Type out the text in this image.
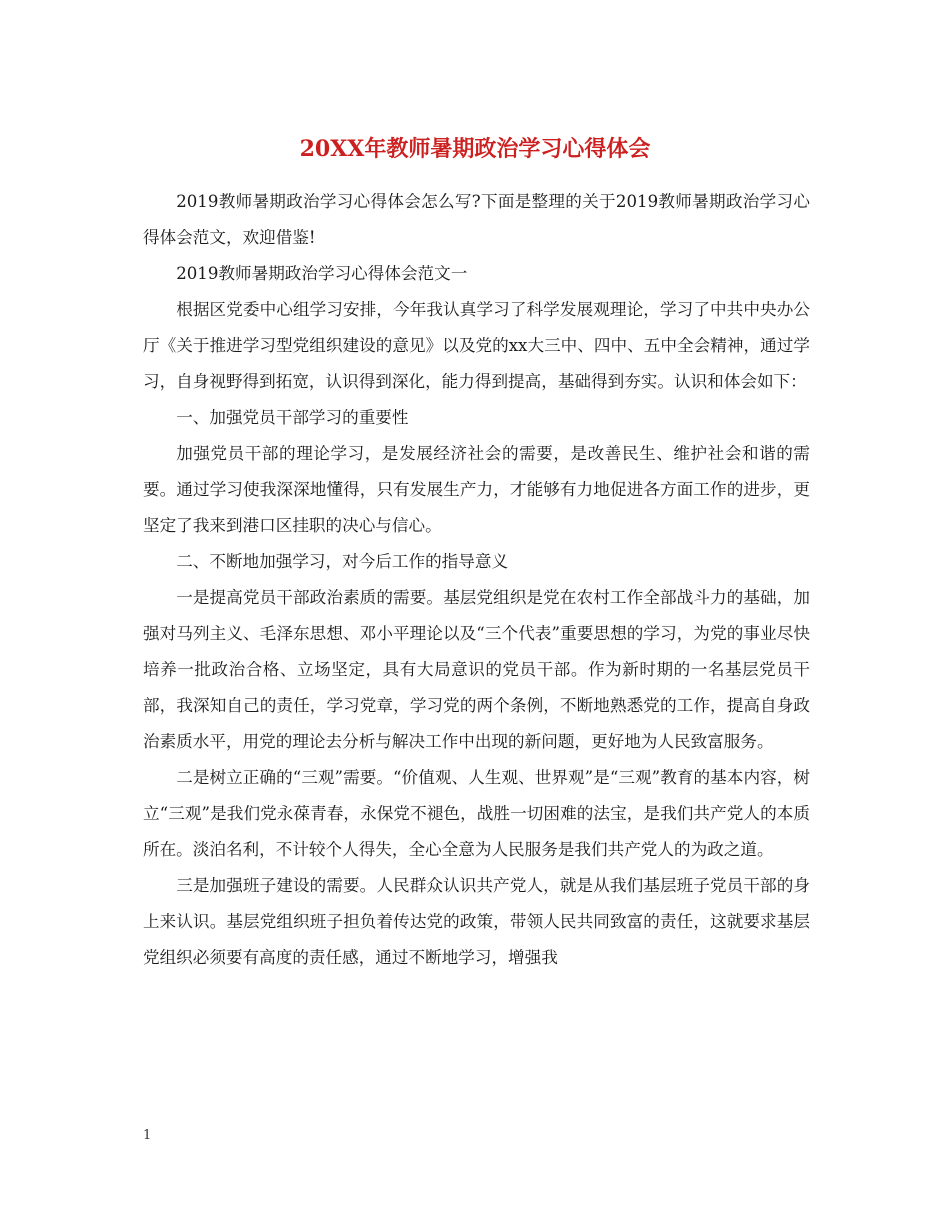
20XX年教师暑期政治学习心得体会

2019教师暑期政治学习心得体会怎么写?下面是整理的关于2019教师暑期政治学习心得体会范文，欢迎借鉴!

2019教师暑期政治学习心得体会范文一

根据区党委中心组学习安排，今年我认真学习了科学发展观理论，学习了中共中央办公厅《关于推进学习型党组织建设的意见》以及党的xx大三中、四中、五中全会精神，通过学习，自身视野得到拓宽，认识得到深化，能力得到提高，基础得到夯实。认识和体会如下：

一、加强党员干部学习的重要性

加强党员干部的理论学习，是发展经济社会的需要，是改善民生、维护社会和谐的需要。通过学习使我深深地懂得，只有发展生产力，才能够有力地促进各方面工作的进步，更坚定了我来到港口区挂职的决心与信心。

二、不断地加强学习，对今后工作的指导意义

一是提高党员干部政治素质的需要。基层党组织是党在农村工作全部战斗力的基础，加强对马列主义、毛泽东思想、邓小平理论以及“三个代表”重要思想的学习，为党的事业尽快培养一批政治合格、立场坚定，具有大局意识的党员干部。作为新时期的一名基层党员干部，我深知自己的责任，学习党章，学习党的两个条例，不断地熟悉党的工作，提高自身政治素质水平，用党的理论去分析与解决工作中出现的新问题，更好地为人民致富服务。

二是树立正确的“三观”需要。“价值观、人生观、世界观”是“三观”教育的基本内容，树立“三观”是我们党永葆青春，永保党不褪色，战胜一切困难的法宝，是我们共产党人的本质所在。淡泊名利，不计较个人得失，全心全意为人民服务是我们共产党人的为政之道。

三是加强班子建设的需要。人民群众认识共产党人，就是从我们基层班子党员干部的身上来认识。基层党组织班子担负着传达党的政策，带领人民共同致富的责任，这就要求基层党组织必须要有高度的责任感，通过不断地学习，增强我

1
